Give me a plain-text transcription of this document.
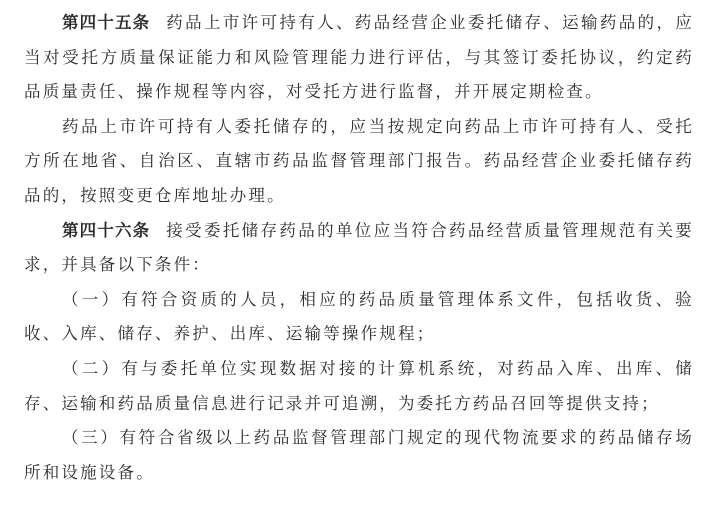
第四十五条 药品上市许可持有人、药品经营企业委托储存、运输药品的，应当对受托方质量保证能力和风险管理能力进行评估，与其签订委托协议，约定药品质量责任、操作规程等内容，对受托方进行监督，并开展定期检查。

药品上市许可持有人委托储存的，应当按规定向药品上市许可持有人、受托方所在地省、自治区、直辖市药品监督管理部门报告。药品经营企业委托储存药品的，按照变更仓库地址办理。

第四十六条 接受委托储存药品的单位应当符合药品经营质量管理规范有关要求，并具备以下条件：

（一）有符合资质的人员，相应的药品质量管理体系文件，包括收货、验收、入库、储存、养护、出库、运输等操作规程；

（二）有与委托单位实现数据对接的计算机系统，对药品入库、出库、储存、运输和药品质量信息进行记录并可追溯，为委托方药品召回等提供支持；

（三）有符合省级以上药品监督管理部门规定的现代物流要求的药品储存场所和设施设备。
